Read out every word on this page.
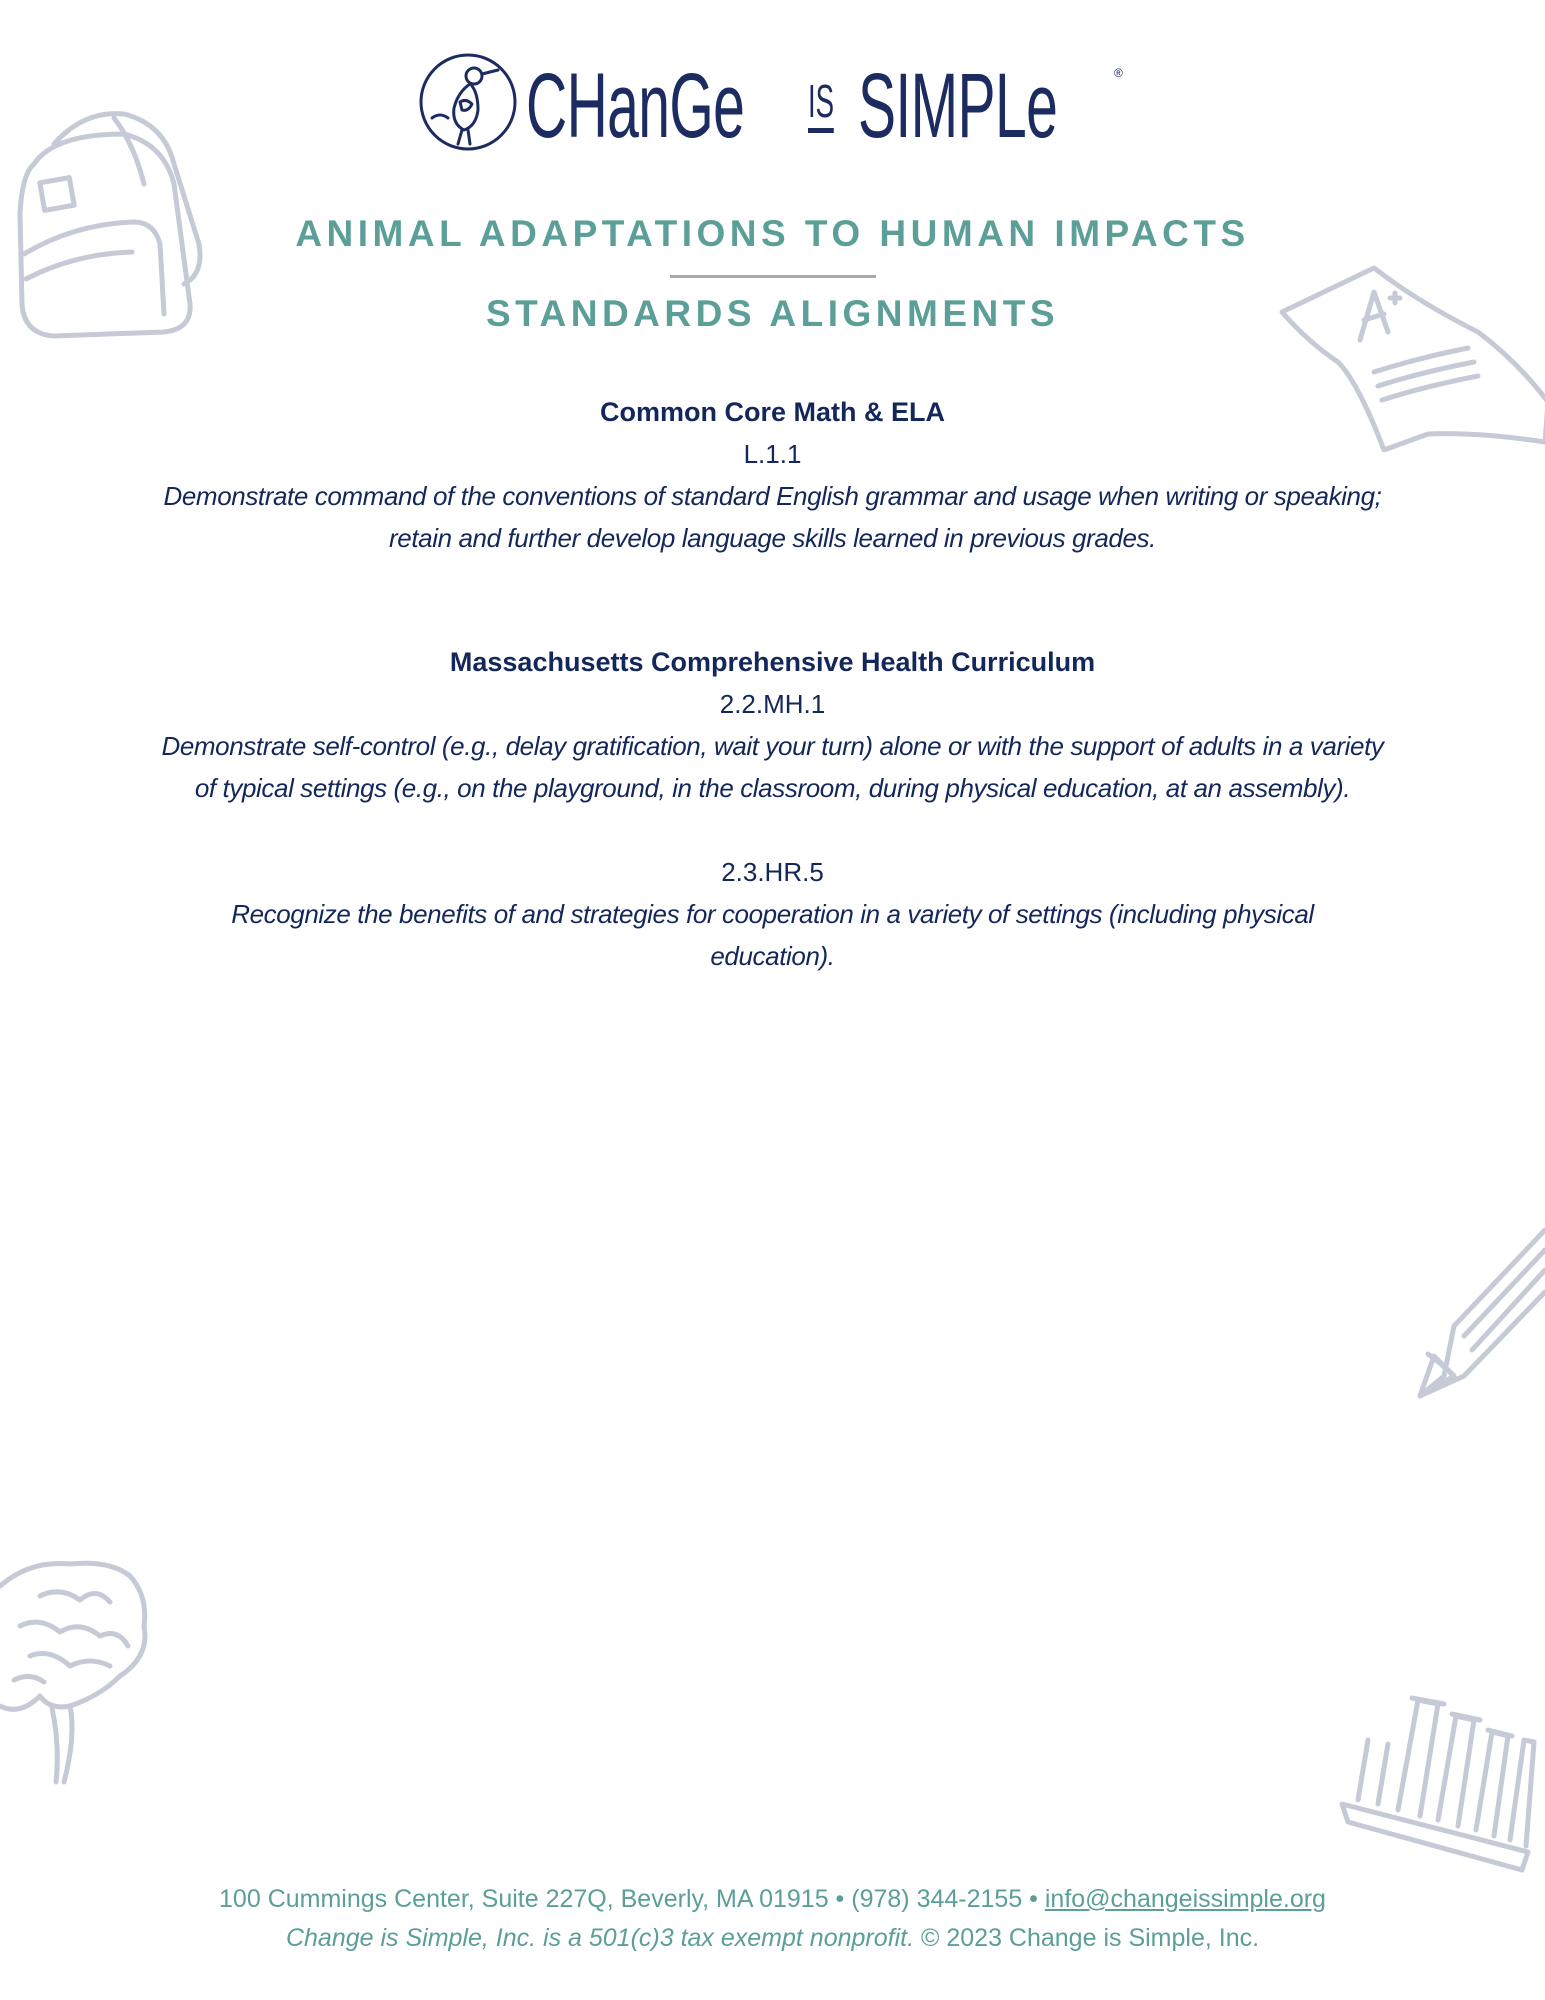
CHanGe IS SIMPLe	®
ANIMAL ADAPTATIONS TO HUMAN IMPACTS
STANDARDS ALIGNMENTS
Common Core Math & ELA
L.1.1
Demonstrate command of the conventions of standard English grammar and usage when writing or speaking; retain and further develop language skills learned in previous grades.
Massachusetts Comprehensive Health Curriculum
2.2.MH.1
Demonstrate self-control (e.g., delay gratification, wait your turn) alone or with the support of adults in a variety of typical settings (e.g., on the playground, in the classroom, during physical education, at an assembly).
2.3.HR.5
Recognize the benefits of and strategies for cooperation in a variety of settings (including physical education).
100 Cummings Center, Suite 227Q, Beverly, MA 01915 • (978) 344-2155 • info@changeissimple.org
Change is Simple, Inc. is a 501(c)3 tax exempt nonprofit. © 2023 Change is Simple, Inc.
